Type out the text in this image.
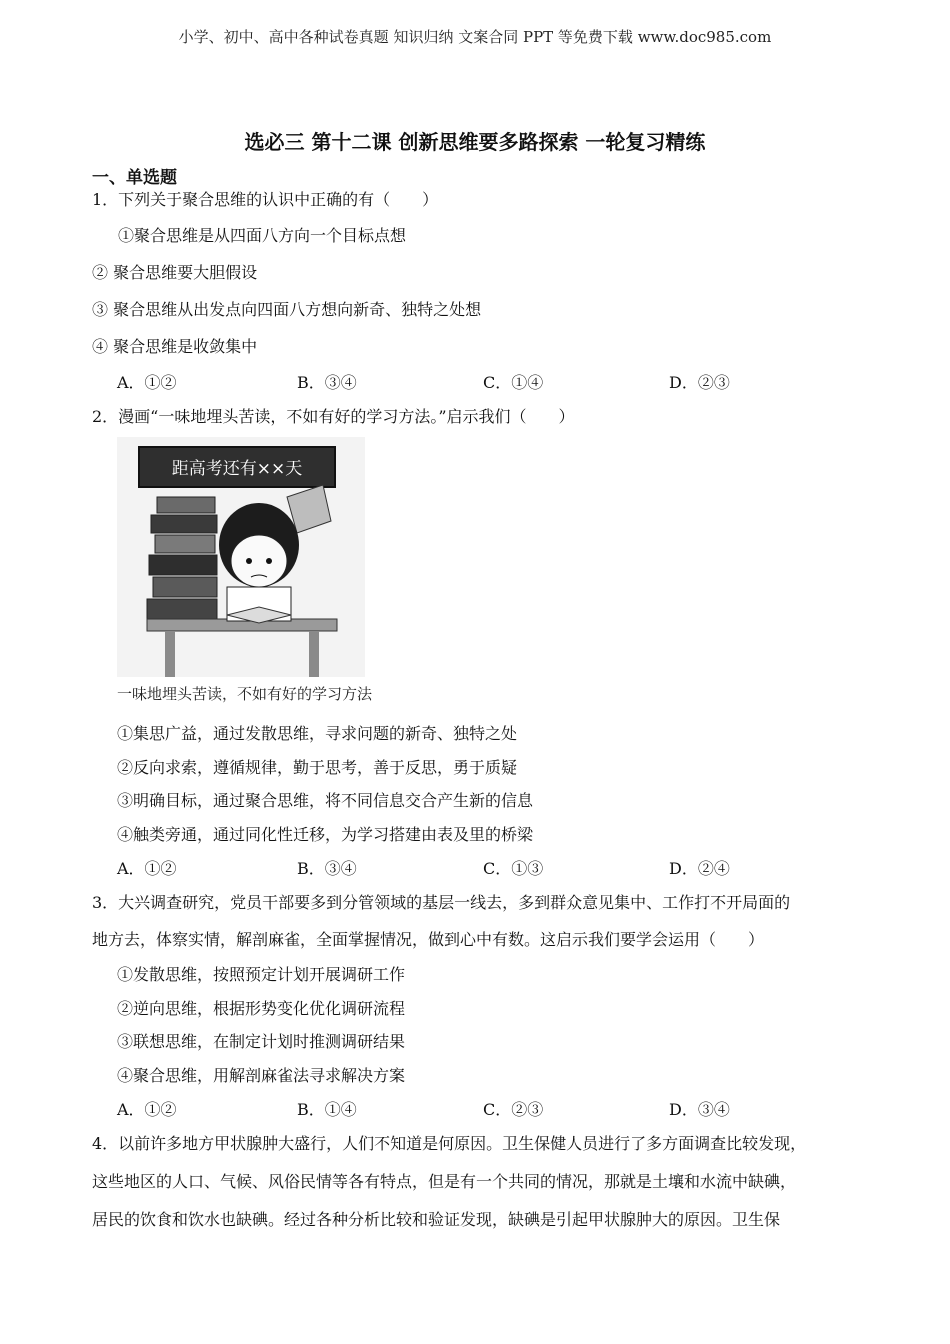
小学、初中、高中各种试卷真题 知识归纳 文案合同 PPT 等免费下载 www.doc985.com
选必三 第十二课 创新思维要多路探索 一轮复习精练
一、单选题
1．下列关于聚合思维的认识中正确的有（　　）
①聚合思维是从四面八方向一个目标点想
② 聚合思维要大胆假设
③ 聚合思维从出发点向四面八方想向新奇、独特之处想
④ 聚合思维是收敛集中
A．①②	B．③④	C．①④	D．②③
2．漫画“一味地埋头苦读，不如有好的学习方法。”启示我们（　　）
距高考还有××天
一味地埋头苦读，不如有好的学习方法
①集思广益，通过发散思维，寻求问题的新奇、独特之处
②反向求索，遵循规律，勤于思考，善于反思，勇于质疑
③明确目标，通过聚合思维，将不同信息交合产生新的信息
④触类旁通，通过同化性迁移，为学习搭建由表及里的桥梁
A．①②	B．③④	C．①③	D．②④
3．大兴调查研究，党员干部要多到分管领域的基层一线去，多到群众意见集中、工作打不开局面的
地方去，体察实情，解剖麻雀，全面掌握情况，做到心中有数。这启示我们要学会运用（　　）
①发散思维，按照预定计划开展调研工作
②逆向思维，根据形势变化优化调研流程
③联想思维，在制定计划时推测调研结果
④聚合思维，用解剖麻雀法寻求解决方案
A．①②	B．①④	C．②③	D．③④
4．以前许多地方甲状腺肿大盛行，人们不知道是何原因。卫生保健人员进行了多方面调查比较发现，
这些地区的人口、气候、风俗民情等各有特点，但是有一个共同的情况，那就是土壤和水流中缺碘，
居民的饮食和饮水也缺碘。经过各种分析比较和验证发现，缺碘是引起甲状腺肿大的原因。卫生保
